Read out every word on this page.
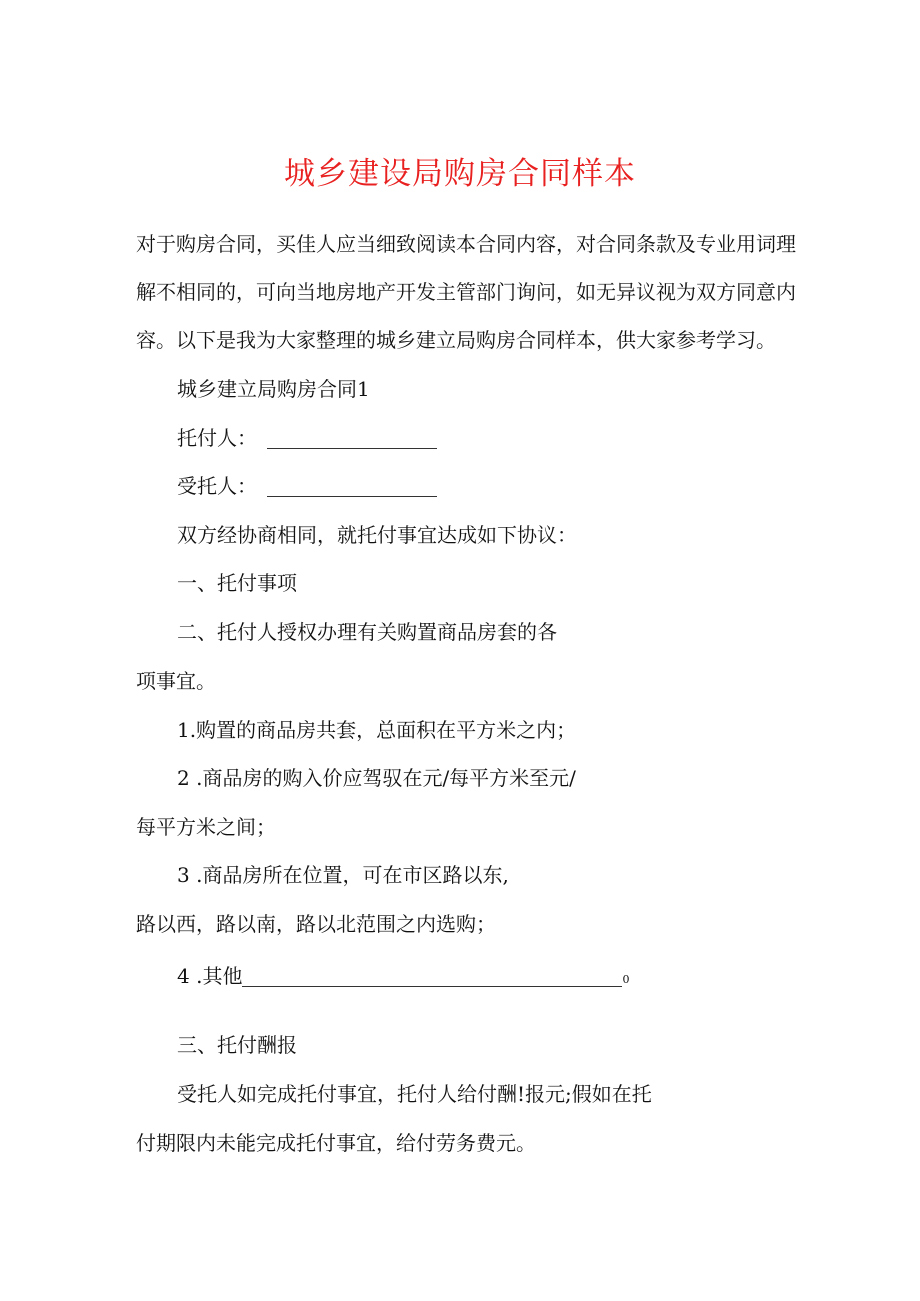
城乡建设局购房合同样本
对于购房合同，买佳人应当细致阅读本合同内容，对合同条款及专业用词理
解不相同的，可向当地房地产开发主管部门询问，如无异议视为双方同意内
容。以下是我为大家整理的城乡建立局购房合同样本，供大家参考学习。
城乡建立局购房合同1
托付人：
受托人：
双方经协商相同，就托付事宜达成如下协议：
一、托付事项
二、托付人授权办理有关购置商品房套的各
项事宜。
1.购置的商品房共套，总面积在平方米之内；
2 .商品房的购入价应驾驭在元/每平方米至元/
每平方米之间；
3 .商品房所在位置，可在市区路以东,
路以西，路以南，路以北范围之内选购；
4 .其他	0
三、托付酬报
受托人如完成托付事宜，托付人给付酬!报元;假如在托
付期限内未能完成托付事宜，给付劳务费元。
